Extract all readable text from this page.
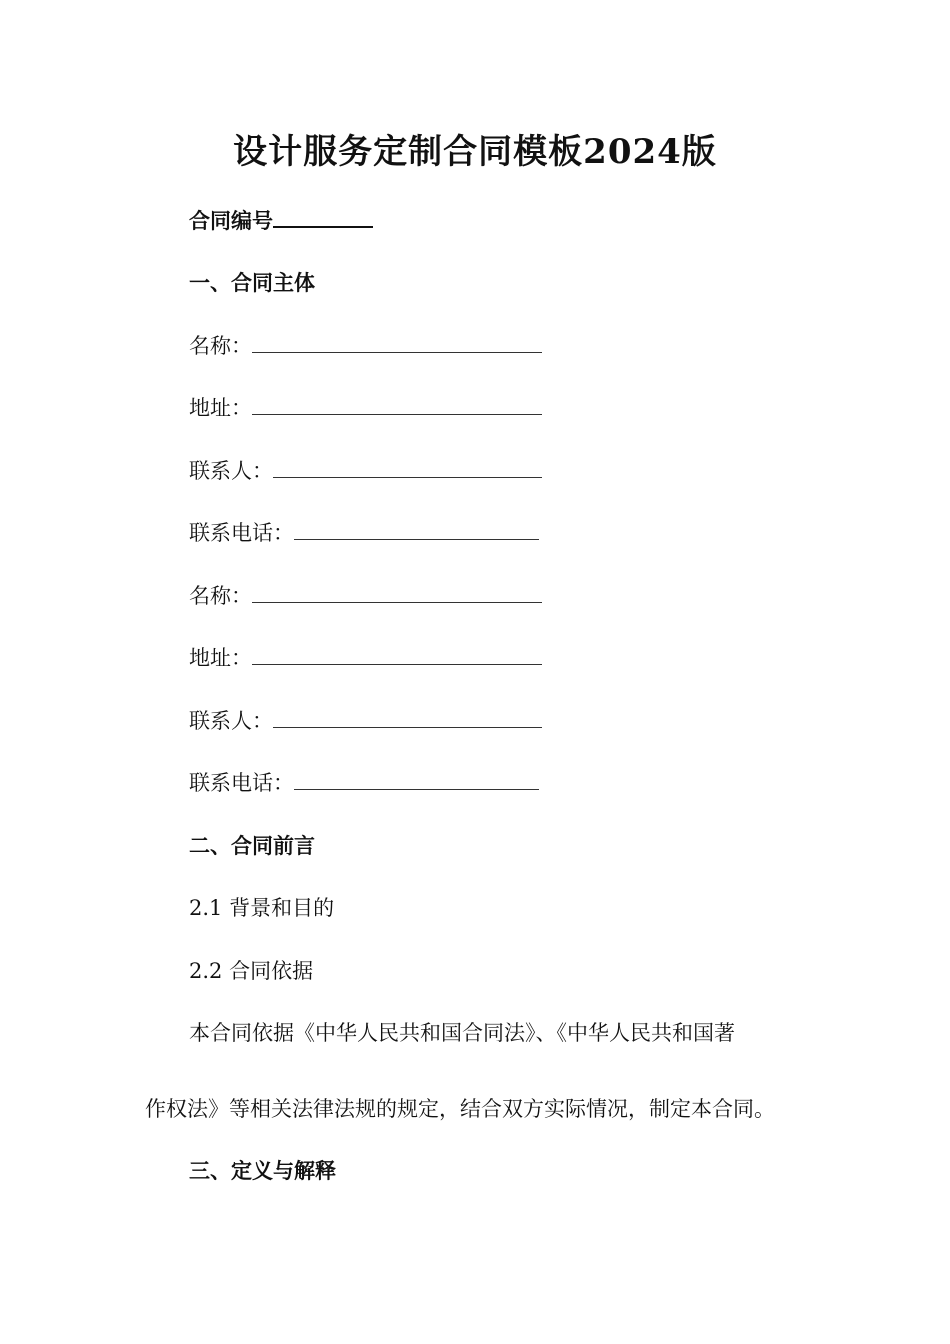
设计服务定制合同模板2024版
合同编号
一、合同主体
名称：
地址：
联系人：
联系电话：
名称：
地址：
联系人：
联系电话：
二、合同前言
2.1 背景和目的
2.2 合同依据
本合同依据《中华人民共和国合同法》、《中华人民共和国著
作权法》等相关法律法规的规定，结合双方实际情况，制定本合同。
三、定义与解释
